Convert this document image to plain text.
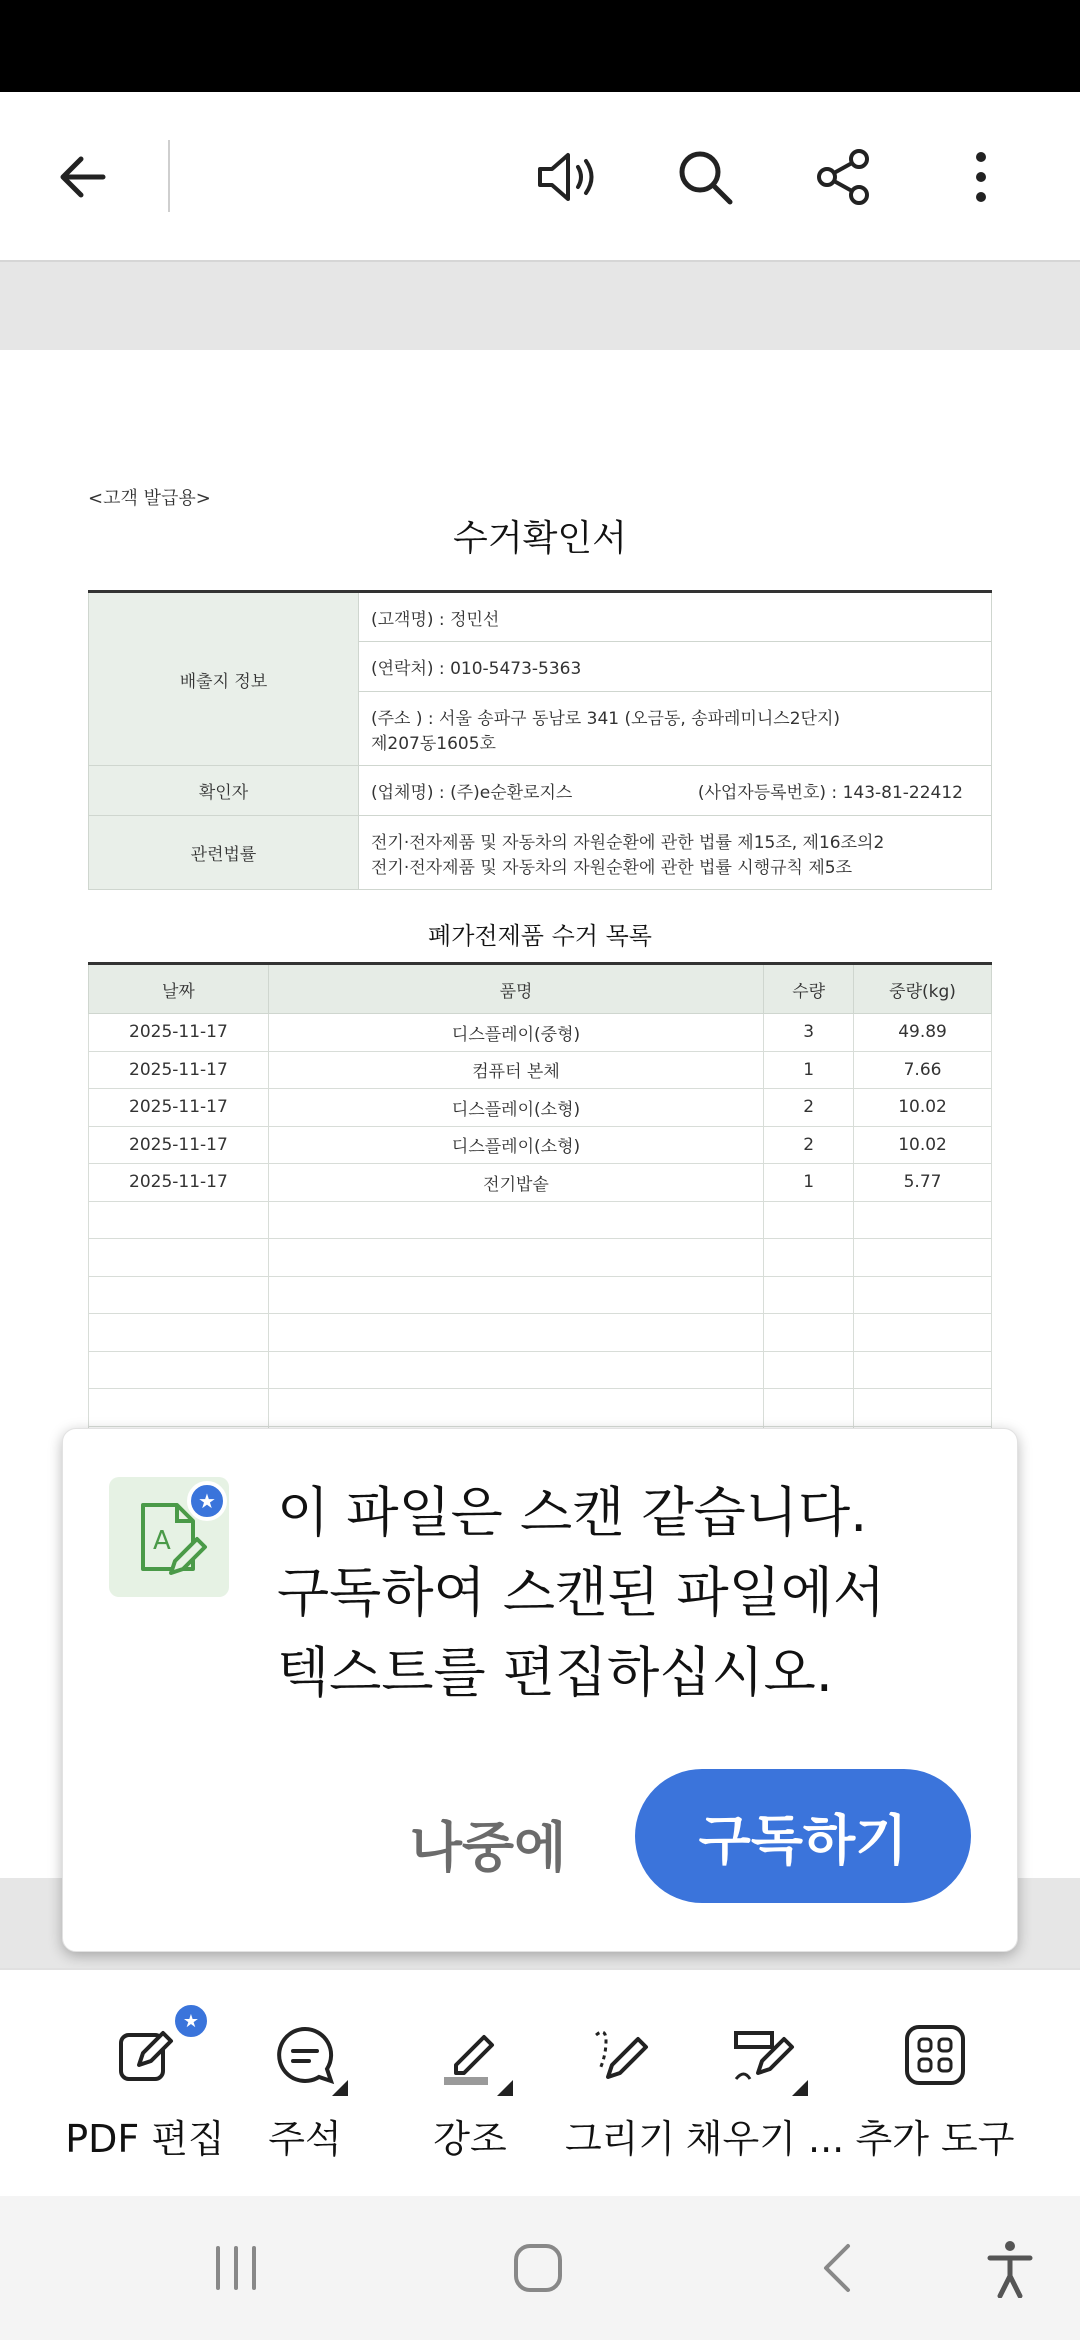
<고객 발급용>
수거확인서
배출지 정보	(고객명) : 정민선
	(연락처) : 010-5473-5363

	(주소 ) : 서울 송파구 동남로 341 (오금동, 송파레미니스2단지)
제207동1605호

확인자	(업체명) : (주)e순환로지스 (사업자등록번호) : 143-81-22412

관련법률	전기·전자제품 및 자동차의 자원순환에 관한 법률 제15조, 제16조의2
전기·전자제품 및 자동차의 자원순환에 관한 법률 시행규칙 제5조
폐가전제품 수거 목록
날짜	품명	수량	중량(kg)
2025-11-17	디스플레이(중형)	3	49.89
2025-11-17	컴퓨터 본체	1	7.66
2025-11-17	디스플레이(소형)	2	10.02
2025-11-17	디스플레이(소형)	2	10.02
2025-11-17	전기밥솥	1	5.77

A
★ 이 파일은 스캔 같습니다.
구독하여 스캔된 파일에서
텍스트를 편집하십시오.
나중에	구독하기
★
PDF 편집 주석 강조 그리기 채우기 ... 추가 도구
